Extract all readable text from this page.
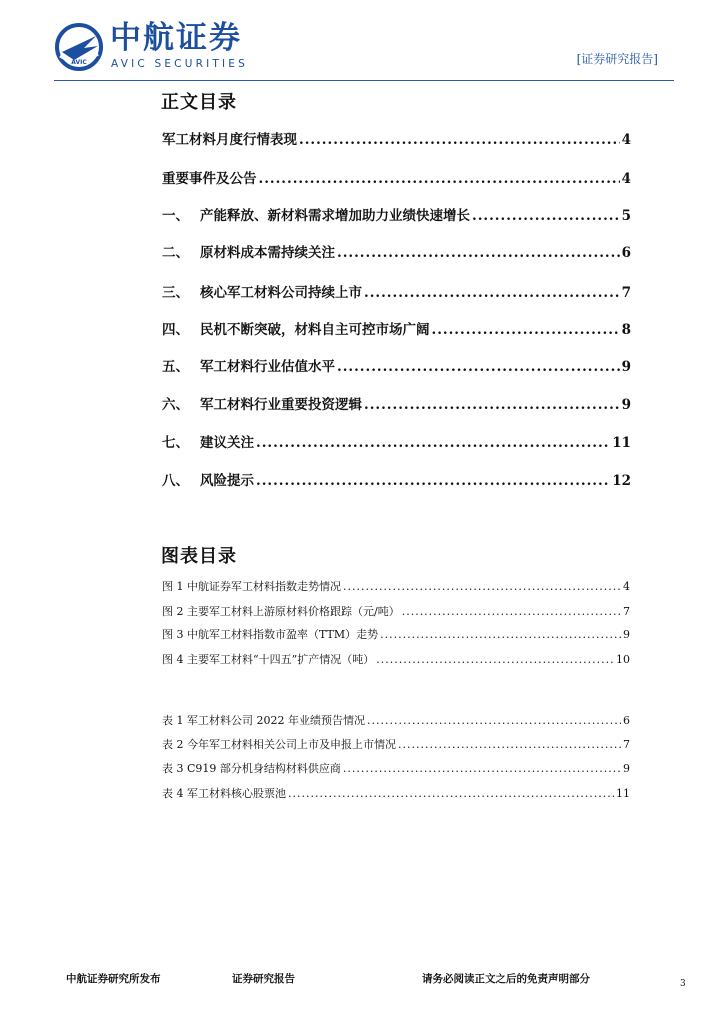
AVIC
中航证券
AVIC SECURITIES	[证券研究报告]
正文目录
军工材料月度行情表现 .....	4
重要事件及公告 .....	4
一、 产能释放、新材料需求增加助力业绩快速增长 .....	5
二、 原材料成本需持续关注 .....	6
三、 核心军工材料公司持续上市 .....	7
四、 民机不断突破，材料自主可控市场广阔 .....	8
五、 军工材料行业估值水平 .....	9
六、 军工材料行业重要投资逻辑 .....	9
七、 建议关注 .....	11
八、 风险提示 .....	12
图表目录
图 1 中航证券军工材料指数走势情况 .....	4
图 2 主要军工材料上游原材料价格跟踪（元/吨） .....	7
图 3 中航军工材料指数市盈率（TTM）走势 .....	9
图 4 主要军工材料“十四五”扩产情况（吨） .....	10
表 1 军工材料公司 2022 年业绩预告情况 .....	6
表 2 今年军工材料相关公司上市及申报上市情况 .....	7
表 3 C919 部分机身结构材料供应商 .....	9
表 4 军工材料核心股票池 .....	11
中航证券研究所发布	证券研究报告	请务必阅读正文之后的免责声明部分	3
